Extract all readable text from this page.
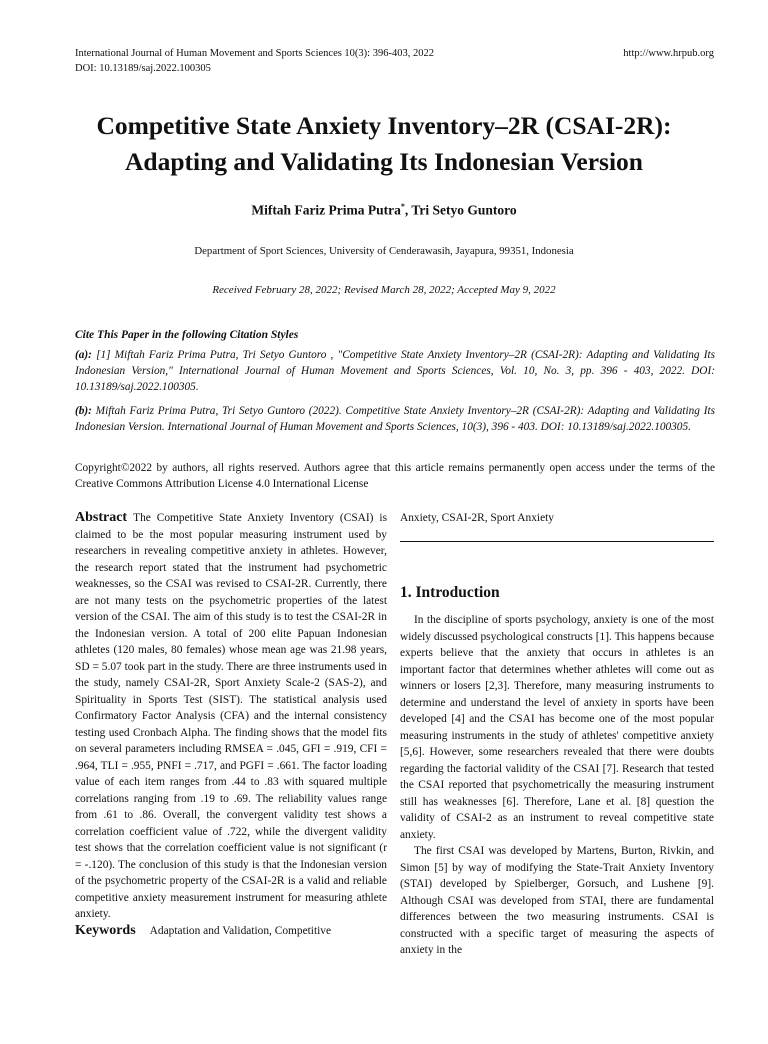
International Journal of Human Movement and Sports Sciences 10(3): 396-403, 2022
DOI: 10.13189/saj.2022.100305
http://www.hrpub.org
Competitive State Anxiety Inventory–2R (CSAI-2R):
Adapting and Validating Its Indonesian Version
Miftah Fariz Prima Putra*, Tri Setyo Guntoro
Department of Sport Sciences, University of Cenderawasih, Jayapura, 99351, Indonesia
Received February 28, 2022; Revised March 28, 2022; Accepted May 9, 2022
Cite This Paper in the following Citation Styles
(a): [1] Miftah Fariz Prima Putra, Tri Setyo Guntoro , "Competitive State Anxiety Inventory–2R (CSAI-2R): Adapting and Validating Its Indonesian Version," International Journal of Human Movement and Sports Sciences, Vol. 10, No. 3, pp. 396 - 403, 2022. DOI: 10.13189/saj.2022.100305.
(b): Miftah Fariz Prima Putra, Tri Setyo Guntoro (2022). Competitive State Anxiety Inventory–2R (CSAI-2R): Adapting and Validating Its Indonesian Version. International Journal of Human Movement and Sports Sciences, 10(3), 396 - 403. DOI: 10.13189/saj.2022.100305.
Copyright©2022 by authors, all rights reserved. Authors agree that this article remains permanently open access under the terms of the Creative Commons Attribution License 4.0 International License

Abstract The Competitive State Anxiety Inventory (CSAI) is claimed to be the most popular measuring instrument used by researchers in revealing competitive anxiety in athletes. However, the research report stated that the instrument had psychometric weaknesses, so the CSAI was revised to CSAI-2R. Currently, there are not many tests on the psychometric properties of the latest version of the CSAI. The aim of this study is to test the CSAI-2R in the Indonesian version. A total of 200 elite Papuan Indonesian athletes (120 males, 80 females) whose mean age was 21.98 years, SD = 5.07 took part in the study. There are three instruments used in the study, namely CSAI-2R, Sport Anxiety Scale-2 (SAS-2), and Spirituality in Sports Test (SIST). The statistical analysis used Confirmatory Factor Analysis (CFA) and the internal consistency testing used Cronbach Alpha. The finding shows that the model fits on several parameters including RMSEA = .045, GFI = .919, CFI = .964, TLI = .955, PNFI = .717, and PGFI = .661. The factor loading value of each item ranges from .44 to .83 with squared multiple correlations ranging from .19 to .69. The reliability values range from .61 to .86. Overall, the convergent validity test shows a correlation coefficient value of .722, while the divergent validity test shows that the correlation coefficient value is not significant (r = -.120). The conclusion of this study is that the Indonesian version of the psychometric property of the CSAI-2R is a valid and reliable competitive anxiety measurement instrument for measuring athlete anxiety.

Keywords Adaptation and Validation, Competitive

Anxiety, CSAI-2R, Sport Anxiety

1. Introduction

In the discipline of sports psychology, anxiety is one of the most widely discussed psychological constructs [1]. This happens because experts believe that the anxiety that occurs in athletes is an important factor that determines whether athletes will come out as winners or losers [2,3]. Therefore, many measuring instruments to determine and understand the level of anxiety in sports have been developed [4] and the CSAI has become one of the most popular measuring instruments in the study of athletes' competitive anxiety [5,6]. However, some researchers revealed that there were doubts regarding the factorial validity of the CSAI [7]. Research that tested the CSAI reported that psychometrically the measuring instrument still has weaknesses [6]. Therefore, Lane et al. [8] question the validity of CSAI-2 as an instrument to reveal competitive state anxiety.

The first CSAI was developed by Martens, Burton, Rivkin, and Simon [5] by way of modifying the State-Trait Anxiety Inventory (STAI) developed by Spielberger, Gorsuch, and Lushene [9]. Although CSAI was developed from STAI, there are fundamental differences between the two measuring instruments. CSAI is constructed with a specific target of measuring the aspects of anxiety in the
